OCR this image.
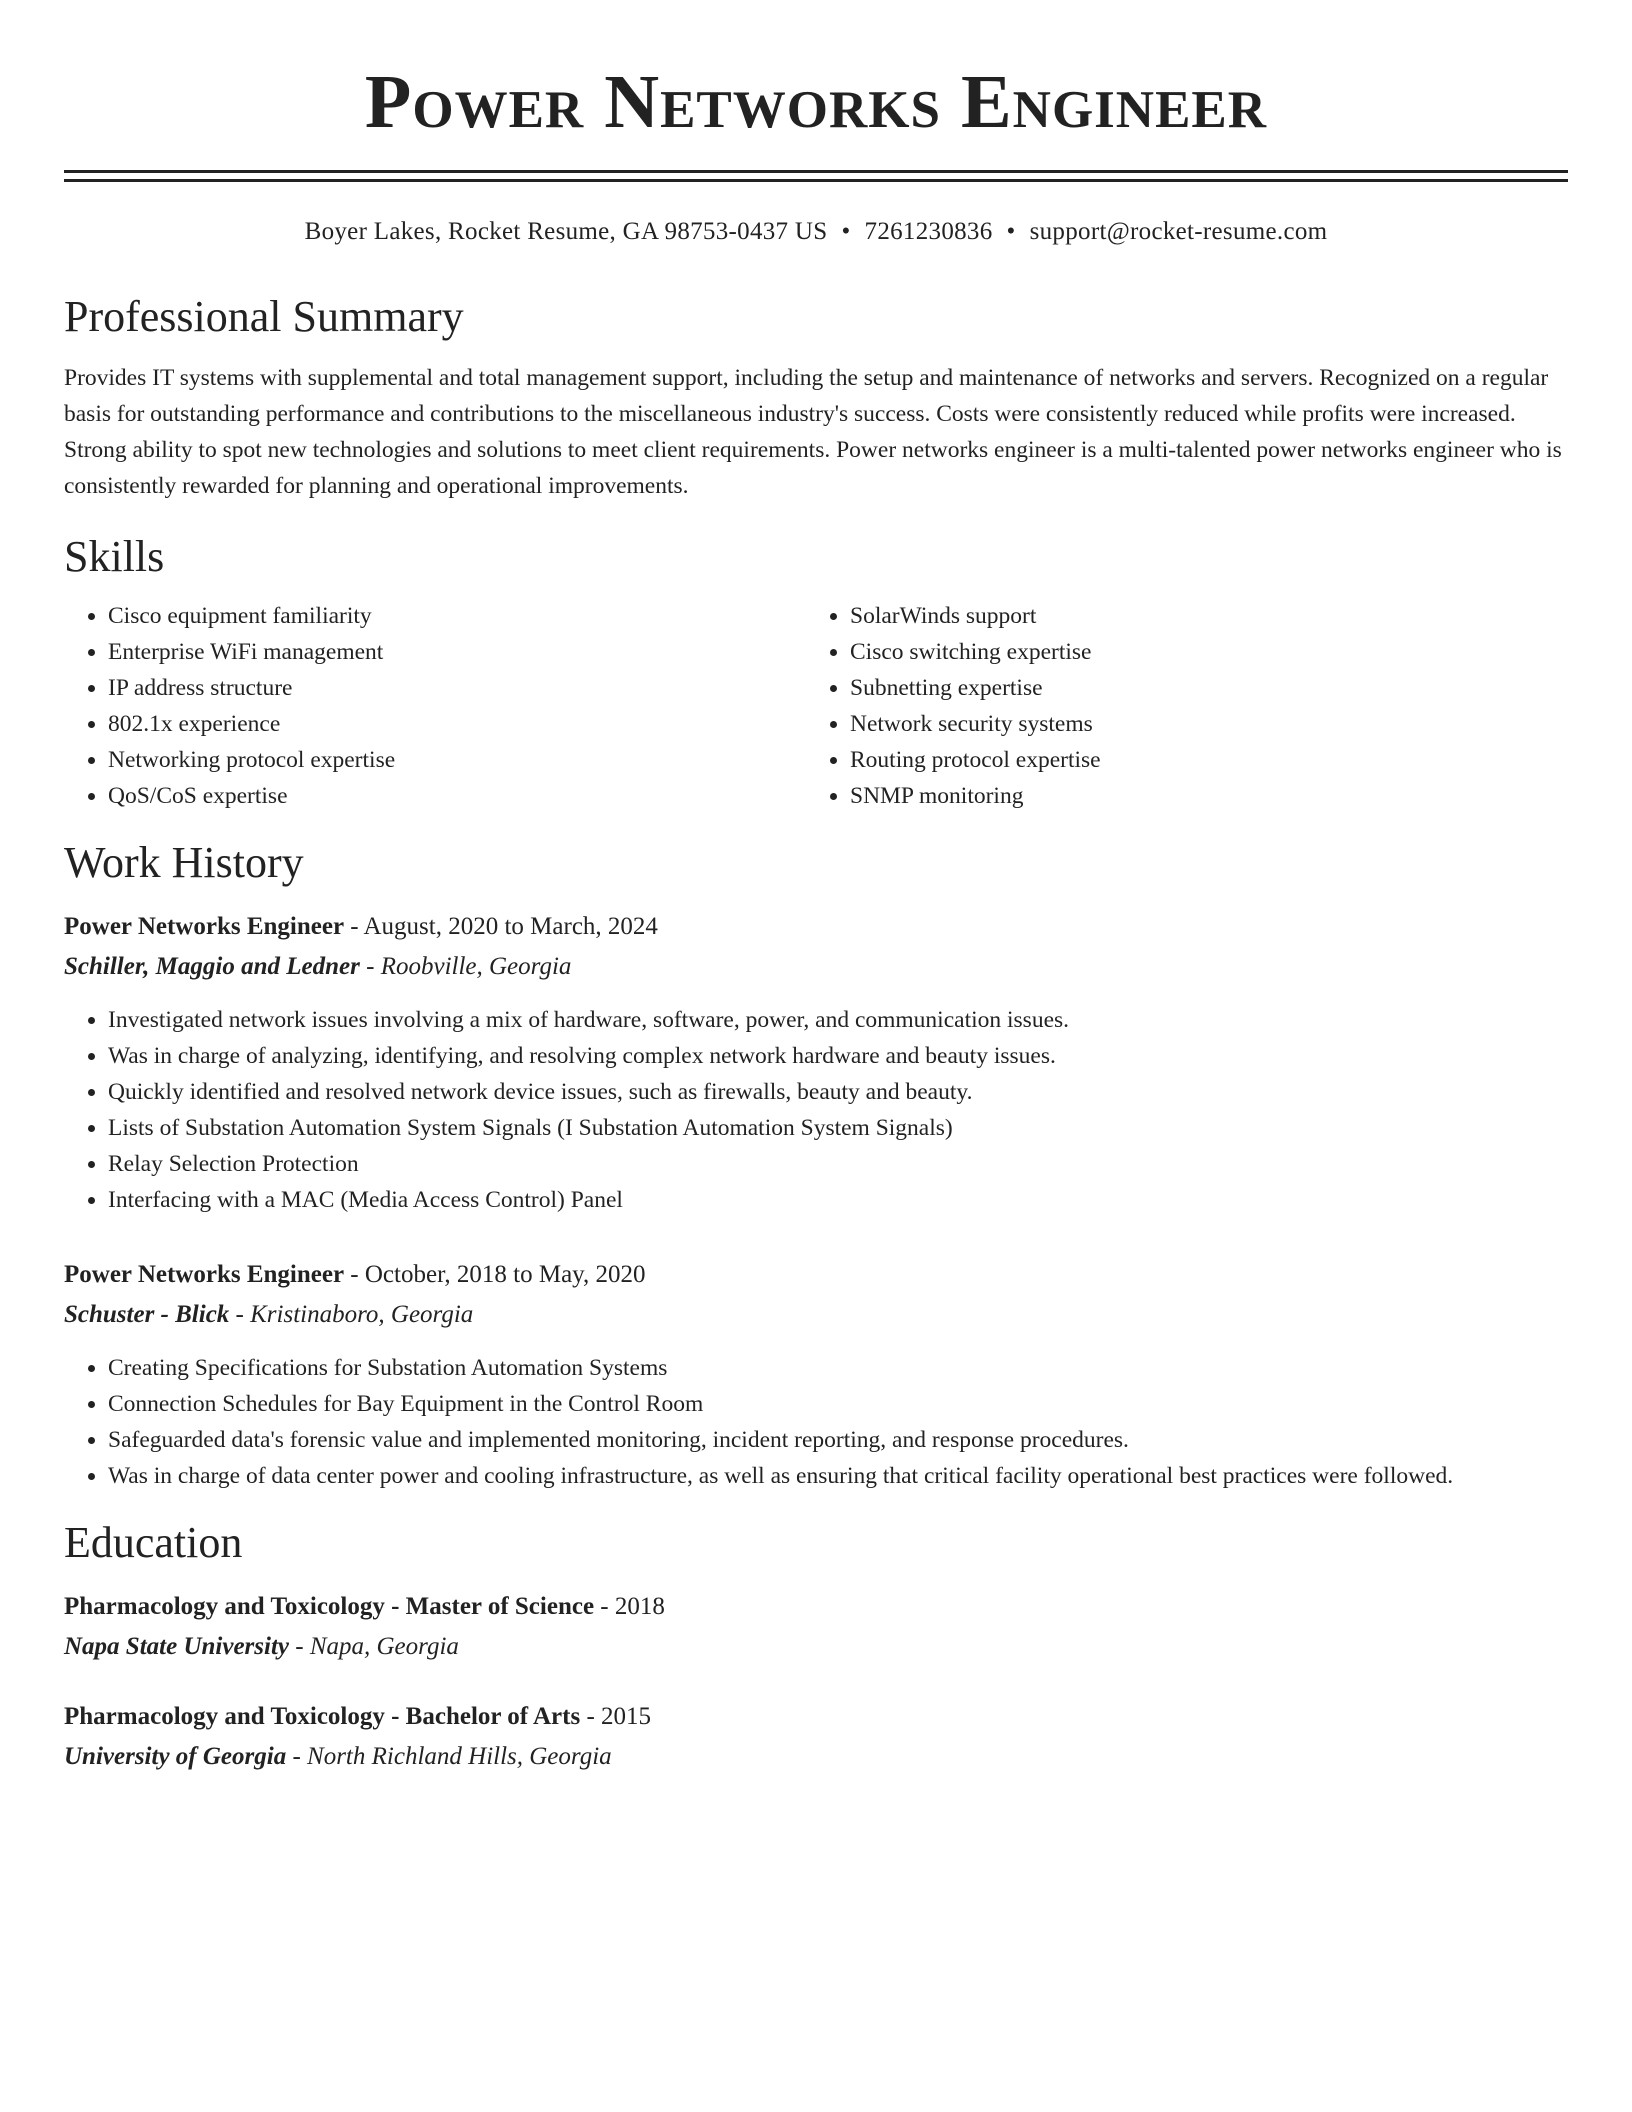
Power Networks Engineer
Boyer Lakes, Rocket Resume, GA 98753-0437 US • 7261230836 • support@rocket-resume.com
Professional Summary
Provides IT systems with supplemental and total management support, including the setup and maintenance of networks and servers. Recognized on a regular basis for outstanding performance and contributions to the miscellaneous industry's success. Costs were consistently reduced while profits were increased. Strong ability to spot new technologies and solutions to meet client requirements. Power networks engineer is a multi-talented power networks engineer who is consistently rewarded for planning and operational improvements.
Skills
• Cisco equipment familiarity
• Enterprise WiFi management
• IP address structure
• 802.1x experience
• Networking protocol expertise
• QoS/CoS expertise
• SolarWinds support
• Cisco switching expertise
• Subnetting expertise
• Network security systems
• Routing protocol expertise
• SNMP monitoring
Work History
Power Networks Engineer - August, 2020 to March, 2024
Schiller, Maggio and Ledner - Roobville, Georgia
• Investigated network issues involving a mix of hardware, software, power, and communication issues.
• Was in charge of analyzing, identifying, and resolving complex network hardware and beauty issues.
• Quickly identified and resolved network device issues, such as firewalls, beauty and beauty.
• Lists of Substation Automation System Signals (I Substation Automation System Signals)
• Relay Selection Protection
• Interfacing with a MAC (Media Access Control) Panel
Power Networks Engineer - October, 2018 to May, 2020
Schuster - Blick - Kristinaboro, Georgia
• Creating Specifications for Substation Automation Systems
• Connection Schedules for Bay Equipment in the Control Room
• Safeguarded data's forensic value and implemented monitoring, incident reporting, and response procedures.
• Was in charge of data center power and cooling infrastructure, as well as ensuring that critical facility operational best practices were followed.
Education
Pharmacology and Toxicology - Master of Science - 2018
Napa State University - Napa, Georgia
Pharmacology and Toxicology - Bachelor of Arts - 2015
University of Georgia - North Richland Hills, Georgia
